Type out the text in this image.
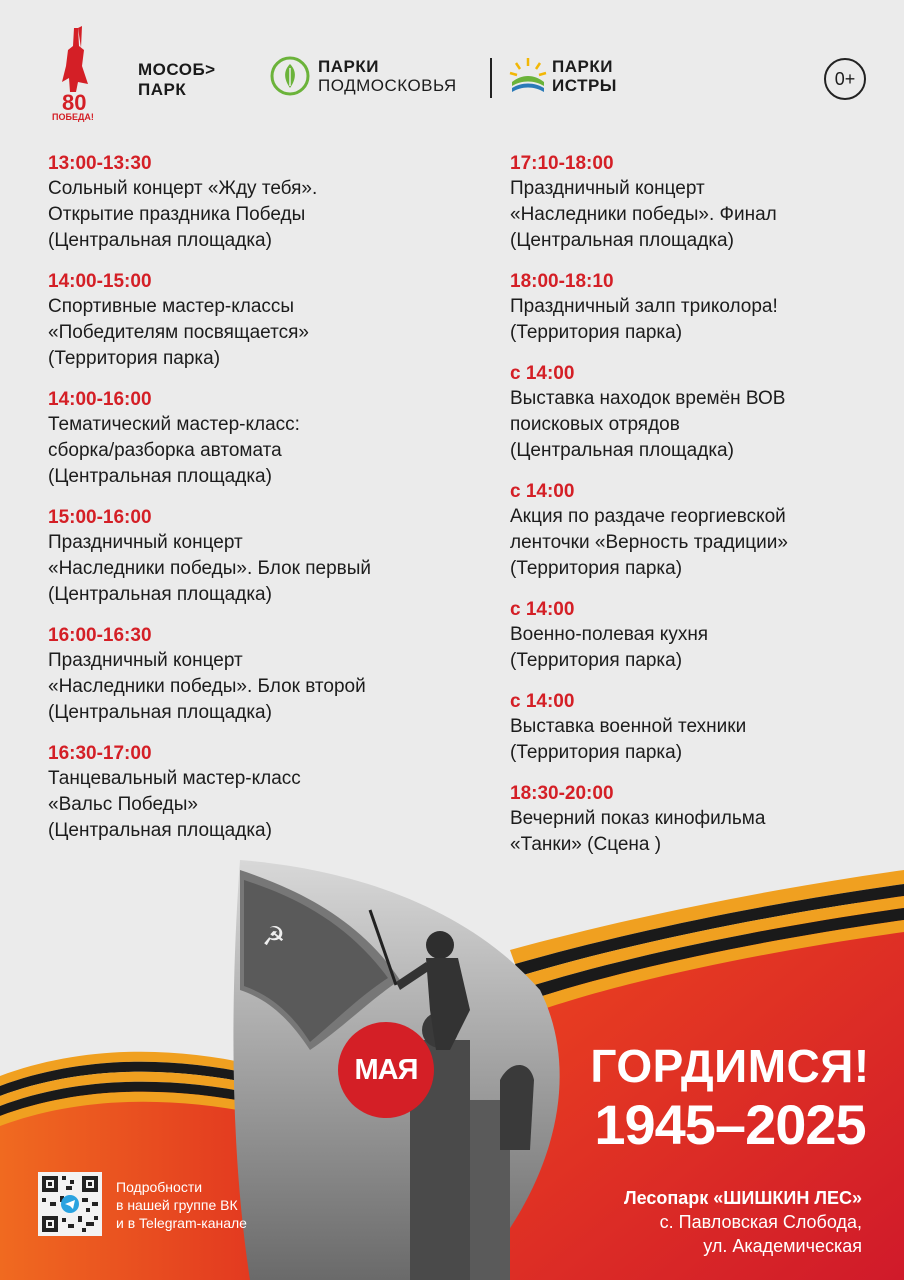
80
ПОБЕДА!
МОСОБ>
ПАРК
ПАРКИ
ПОДМОСКОВЬЯ
ПАРКИ
ИСТРЫ	0+
13:00-13:30
Сольный концерт «Жду тебя».
Открытие праздника Победы
(Центральная площадка)
14:00-15:00
Спортивные мастер-классы
«Победителям посвящается»
(Территория парка)
14:00-16:00
Тематический мастер-класс:
сборка/разборка автомата
(Центральная площадка)
15:00-16:00
Праздничный концерт
«Наследники победы». Блок первый
(Центральная площадка)
16:00-16:30
Праздничный концерт
«Наследники победы». Блок второй
(Центральная площадка)
16:30-17:00
Танцевальный мастер-класс
«Вальс Победы»
(Центральная площадка)
17:10-18:00
Праздничный концерт
«Наследники победы». Финал
(Центральная площадка)
18:00-18:10
Праздничный залп триколора!
(Территория парка)
с 14:00
Выставка находок времён ВОВ
поисковых отрядов
(Центральная площадка)
с 14:00
Акция по раздаче георгиевской
ленточки «Верность традиции»
(Территория парка)
с 14:00
Военно-полевая кухня
(Территория парка)
с 14:00
Выставка военной техники
(Территория парка)
18:30-20:00
Вечерний показ кинофильма
«Танки» (Сцена )
☭
МАЯ	ГОРДИМСЯ!
1945–2025
Лесопарк «ШИШКИН ЛЕС»
с. Павловская Слобода,
ул. Академическая
Подробности
в нашей группе ВК
и в Telegram-канале
